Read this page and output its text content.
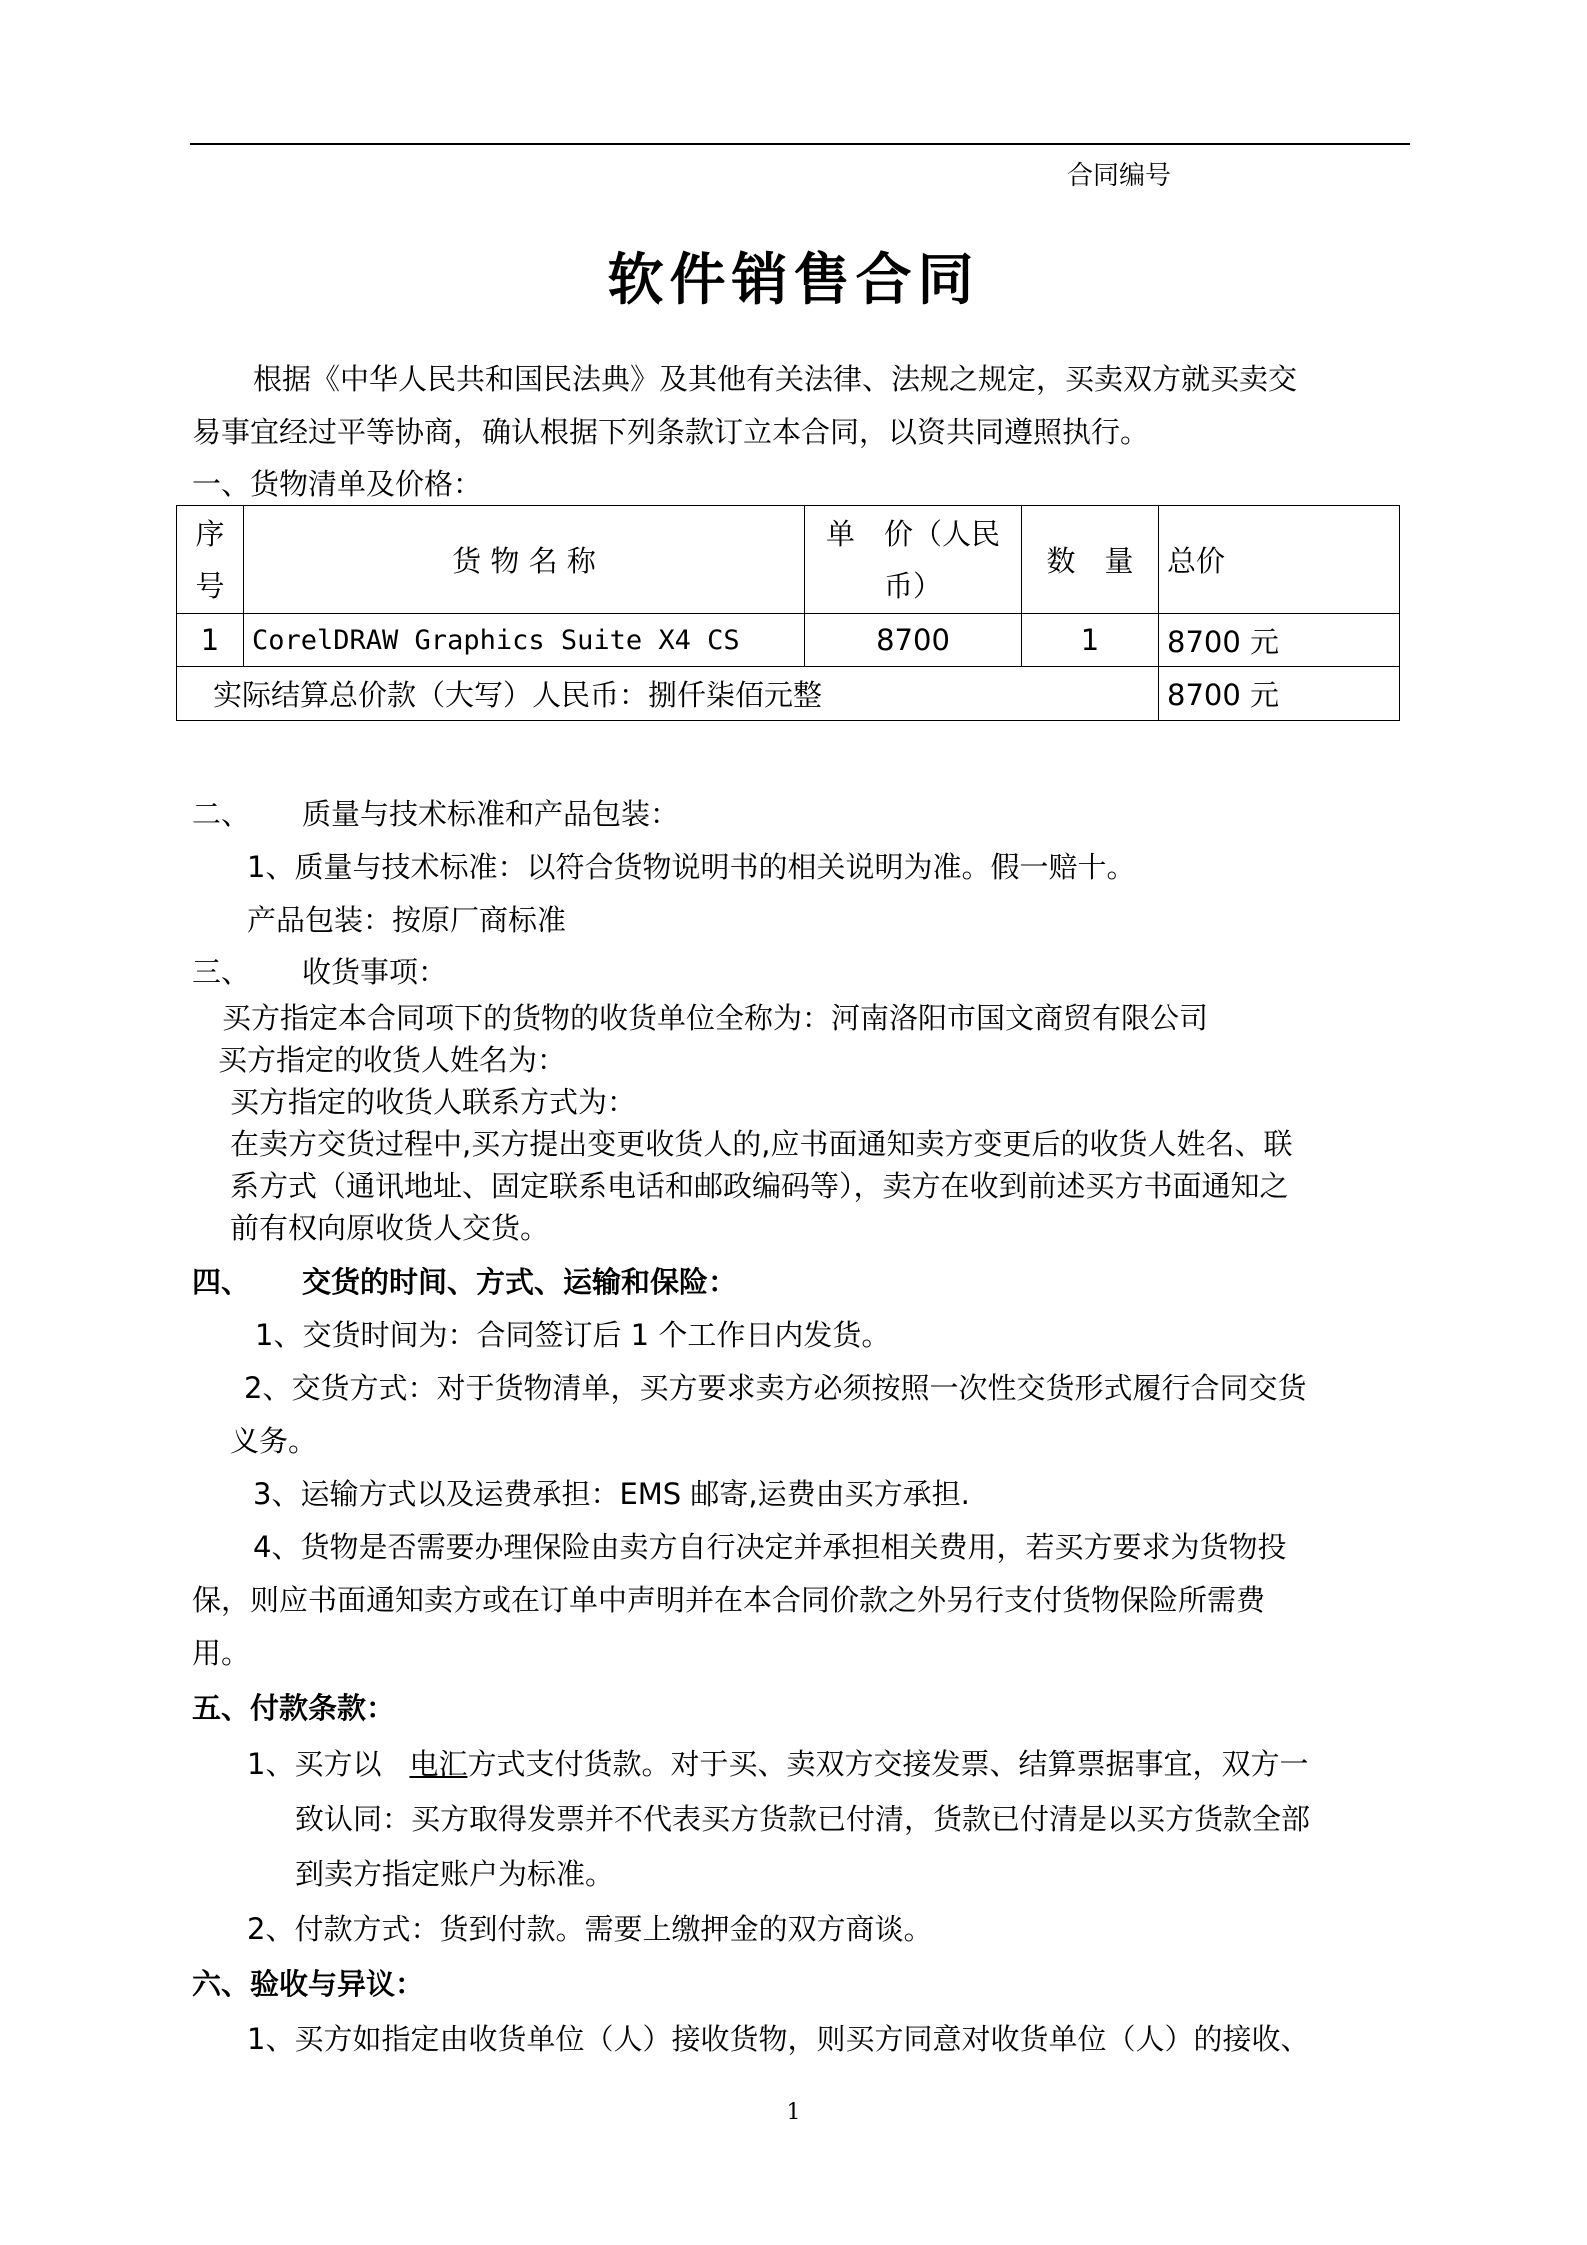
合同编号
软件销售合同
根据《中华人民共和国民法典》及其他有关法律、法规之规定，买卖双方就买卖交
易事宜经过平等协商，确认根据下列条款订立本合同，以资共同遵照执行。
一、货物清单及价格：
序
号	货 物 名 称	单　价（人民
币）	数　量	总价
1	CorelDRAW Graphics Suite X4 CS	8700	1	8700 元
实际结算总价款（大写）人民币：捌仟柒佰元整				8700 元
二、 质量与技术标准和产品包装：
1、质量与技术标准：以符合货物说明书的相关说明为准。假一赔十。
产品包装：按原厂商标准
三、 收货事项：
买方指定本合同项下的货物的收货单位全称为：河南洛阳市国文商贸有限公司
买方指定的收货人姓名为：
买方指定的收货人联系方式为：
在卖方交货过程中,买方提出变更收货人的,应书面通知卖方变更后的收货人姓名、联
系方式（通讯地址、固定联系电话和邮政编码等），卖方在收到前述买方书面通知之
前有权向原收货人交货。
四、 交货的时间、方式、运输和保险：
1、交货时间为：合同签订后 1 个工作日内发货。
2、交货方式：对于货物清单，买方要求卖方必须按照一次性交货形式履行合同交货
义务。
3、运输方式以及运费承担：EMS 邮寄,运费由买方承担.
4、货物是否需要办理保险由卖方自行决定并承担相关费用，若买方要求为货物投
保，则应书面通知卖方或在订单中声明并在本合同价款之外另行支付货物保险所需费
用。
五、付款条款：
1、买方以 电汇方式支付货款。对于买、卖双方交接发票、结算票据事宜，双方一
致认同：买方取得发票并不代表买方货款已付清，货款已付清是以买方货款全部
到卖方指定账户为标准。
2、付款方式：货到付款。需要上缴押金的双方商谈。
六、验收与异议：
1、买方如指定由收货单位（人）接收货物，则买方同意对收货单位（人）的接收、
1
